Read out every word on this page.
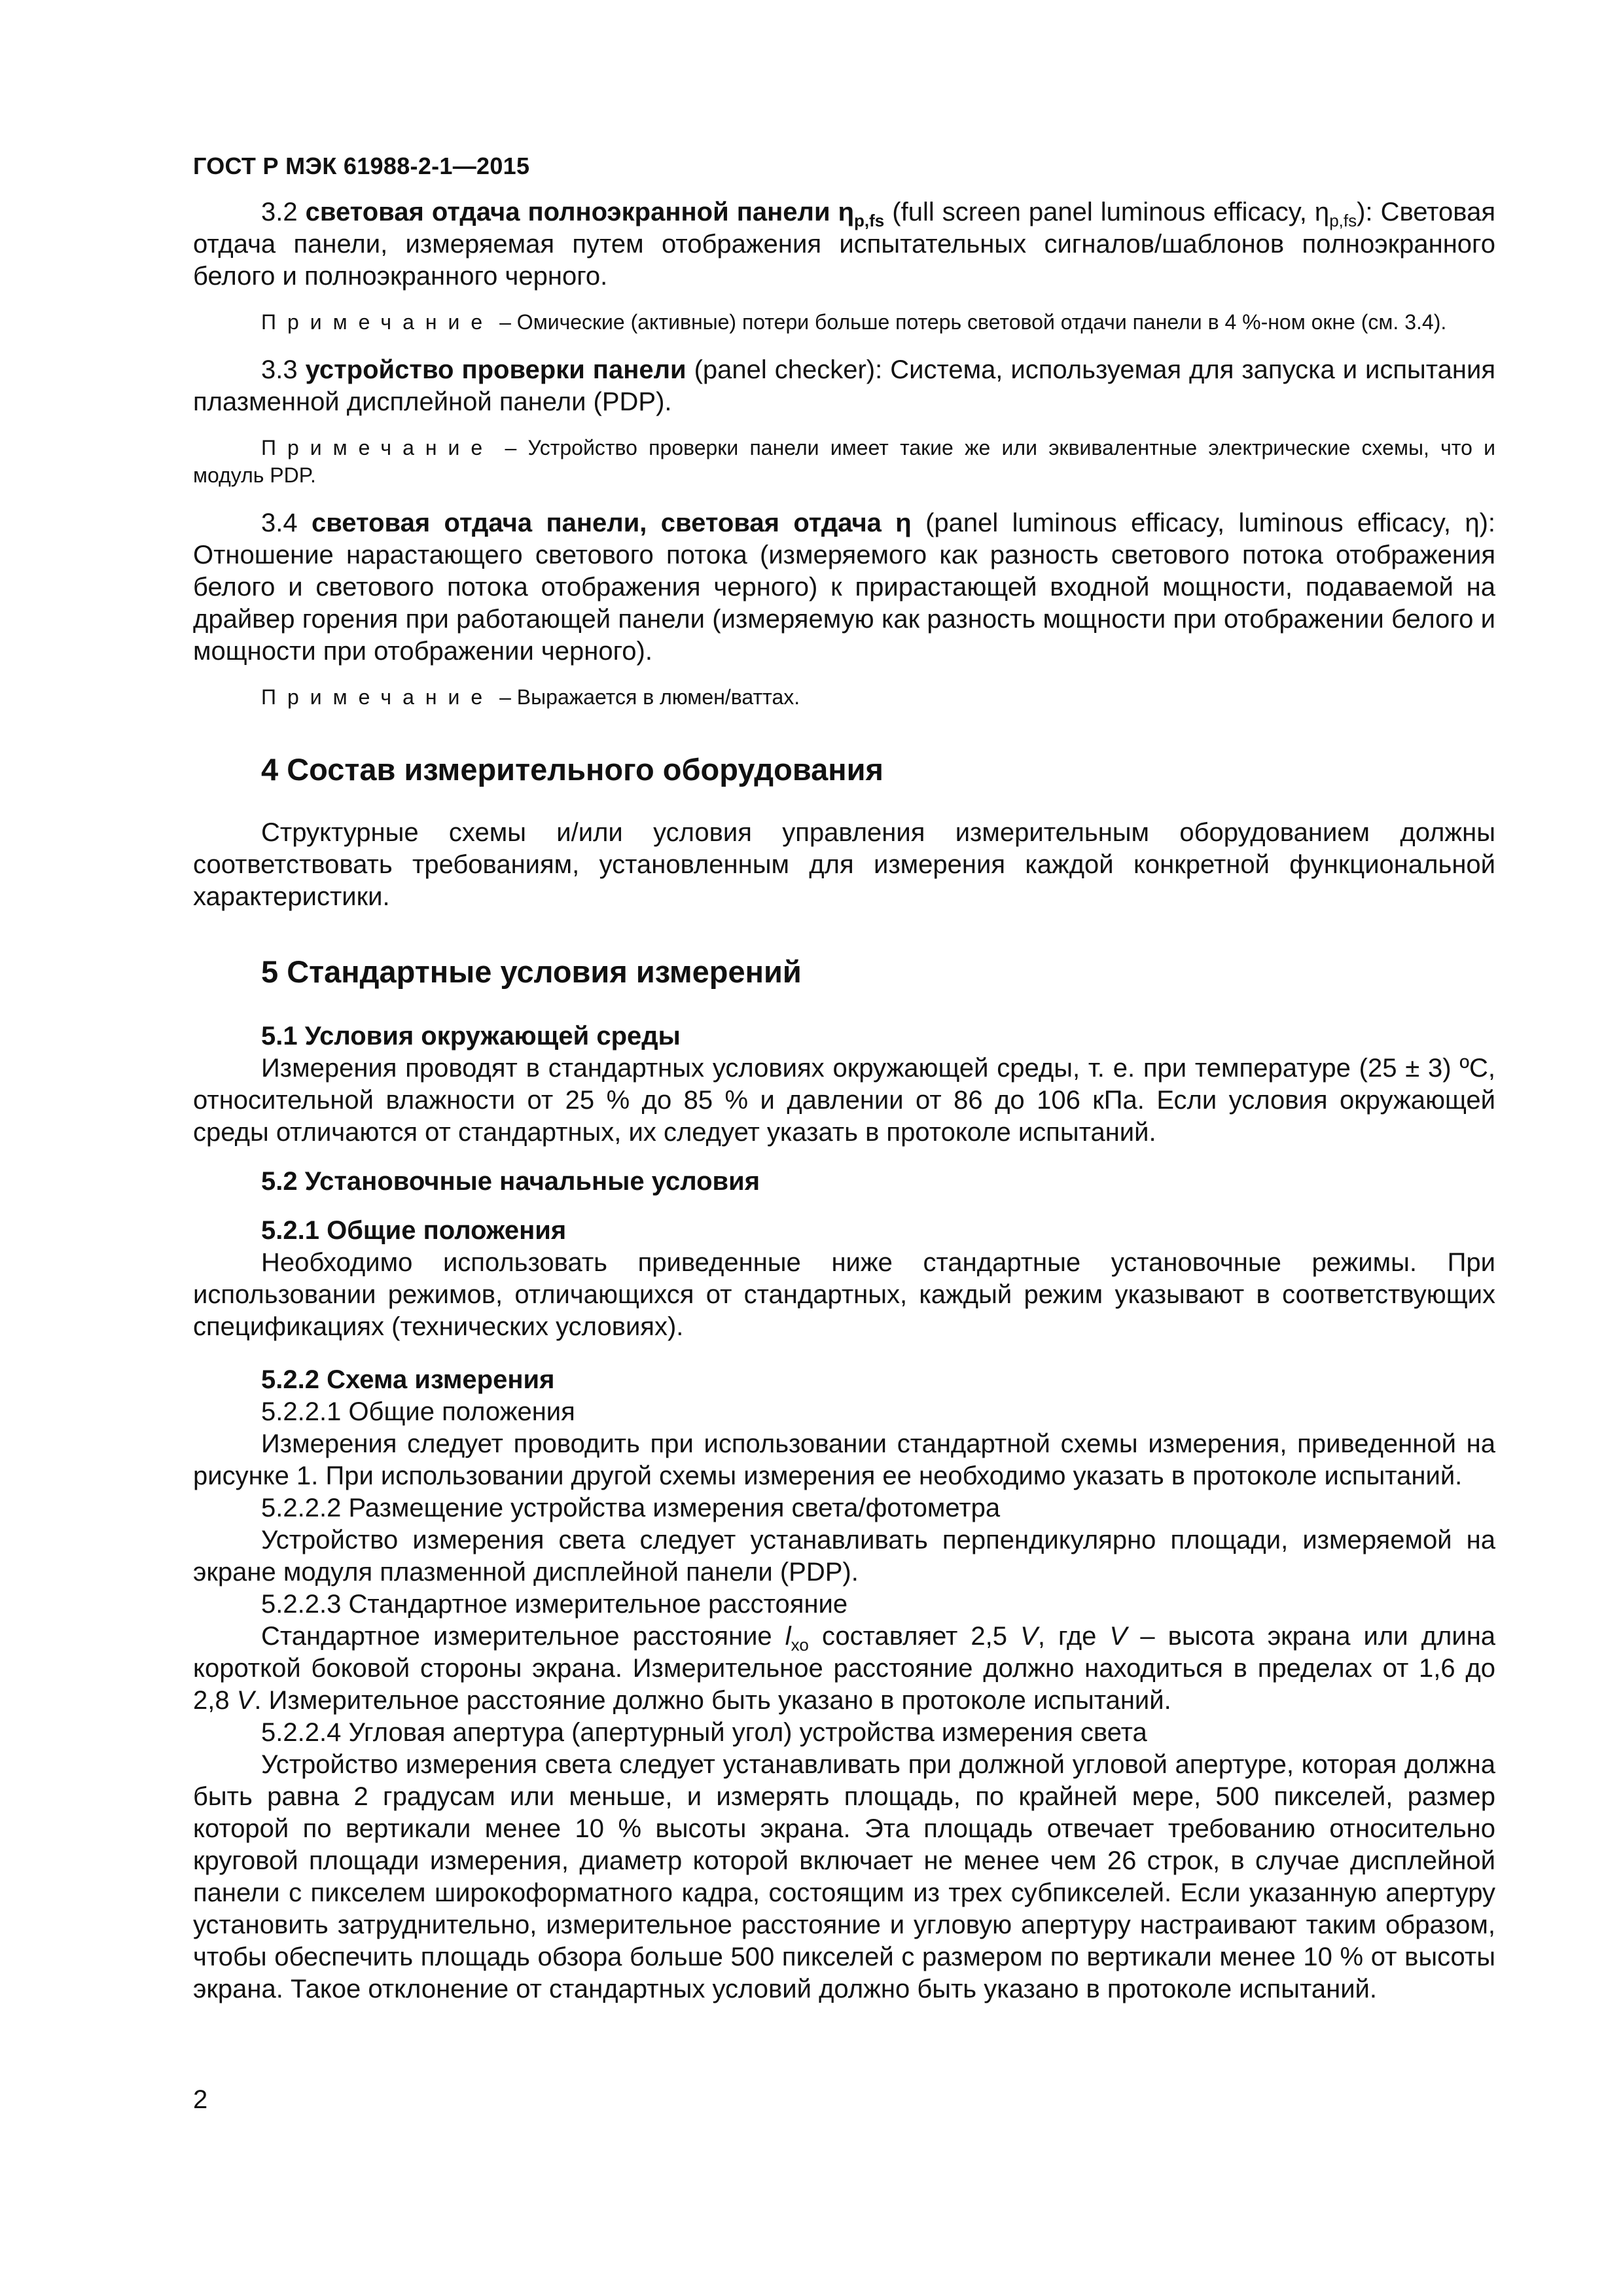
ГОСТ Р МЭК 61988-2-1—2015

3.2 световая отдача полноэкранной панели $\eta_{p,fs}$ (full screen panel luminous efficacy, $\eta_{p,fs}$): Световая отдача панели, измеряемая путем отображения испытательных сигналов/шаблонов полноэкранного белого и полноэкранного черного.

Примечание – Омические (активные) потери больше потерь световой отдачи панели в 4 %-ном окне (см. 3.4).

3.3 устройство проверки панели (panel checker): Система, используемая для запуска и испытания плазменной дисплейной панели (PDP).

Примечание – Устройство проверки панели имеет такие же или эквивалентные электрические схемы, что и модуль PDP.

3.4 световая отдача панели, световая отдача η (panel luminous efficacy, luminous efficacy, η): Отношение нарастающего светового потока (измеряемого как разность светового потока отображения белого и светового потока отображения черного) к прирастающей входной мощности, подаваемой на драйвер горения при работающей панели (измеряемую как разность мощности при отображении белого и мощности при отображении черного).

Примечание – Выражается в люмен/ваттах.

4 Состав измерительного оборудования

Структурные схемы и/или условия управления измерительным оборудованием должны соответствовать требованиям, установленным для измерения каждой конкретной функциональной характеристики.

5 Стандартные условия измерений
5.1 Условия окружающей среды

Измерения проводят в стандартных условиях окружающей среды, т. е. при температуре (25 ± 3) ºС, относительной влажности от 25 % до 85 % и давлении от 86 до 106 кПа. Если условия окружающей среды отличаются от стандартных, их следует указать в протоколе испытаний.

5.2 Установочные начальные условия
5.2.1 Общие положения

Необходимо использовать приведенные ниже стандартные установочные режимы. При использовании режимов, отличающихся от стандартных, каждый режим указывают в соответствующих спецификациях (технических условиях).

5.2.2 Схема измерения

5.2.2.1 Общие положения

Измерения следует проводить при использовании стандартной схемы измерения, приведенной на рисунке 1. При использовании другой схемы измерения ее необходимо указать в протоколе испытаний.

5.2.2.2 Размещение устройства измерения света/фотометра

Устройство измерения света следует устанавливать перпендикулярно площади, измеряемой на экране модуля плазменной дисплейной панели (PDP).

5.2.2.3 Стандартное измерительное расстояние

Стандартное измерительное расстояние $l_{хо}$ составляет 2,5 V, где V – высота экрана или длина короткой боковой стороны экрана. Измерительное расстояние должно находиться в пределах от 1,6 до 2,8 V. Измерительное расстояние должно быть указано в протоколе испытаний.

5.2.2.4 Угловая апертура (апертурный угол) устройства измерения света

Устройство измерения света следует устанавливать при должной угловой апертуре, которая должна быть равна 2 градусам или меньше, и измерять площадь, по крайней мере, 500 пикселей, размер которой по вертикали менее 10 % высоты экрана. Эта площадь отвечает требованию относительно круговой площади измерения, диаметр которой включает не менее чем 26 строк, в случае дисплейной панели с пикселем широкоформатного кадра, состоящим из трех субпикселей. Если указанную апертуру установить затруднительно, измерительное расстояние и угловую апертуру настраивают таким образом, чтобы обеспечить площадь обзора больше 500 пикселей с размером по вертикали менее 10 % от высоты экрана. Такое отклонение от стандартных условий должно быть указано в протоколе испытаний.

2
